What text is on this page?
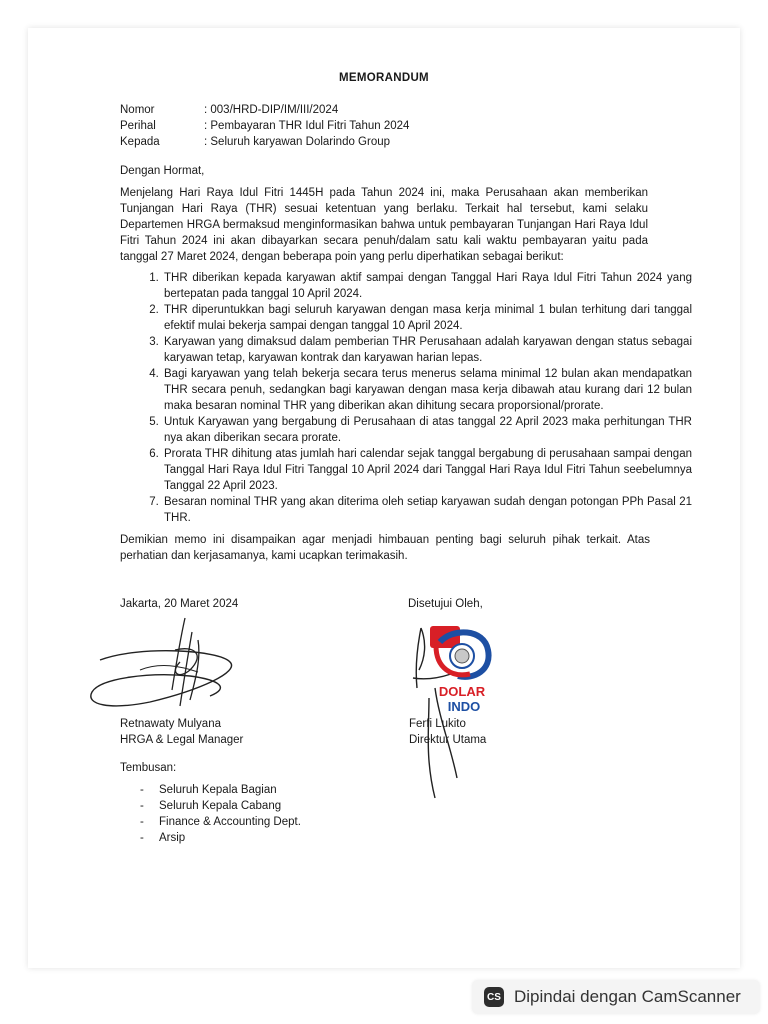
MEMORANDUM
Nomor	: 003/HRD-DIP/IM/III/2024
Perihal	: Pembayaran THR Idul Fitri Tahun 2024
Kepada	: Seluruh karyawan Dolarindo Group
Dengan Hormat,
Menjelang Hari Raya Idul Fitri 1445H pada Tahun 2024 ini, maka Perusahaan akan memberikan Tunjangan Hari Raya (THR) sesuai ketentuan yang berlaku. Terkait hal tersebut, kami selaku Departemen HRGA bermaksud menginformasikan bahwa untuk pembayaran Tunjangan Hari Raya Idul Fitri Tahun 2024 ini akan dibayarkan secara penuh/dalam satu kali waktu pembayaran yaitu pada tanggal 27 Maret 2024, dengan beberapa poin yang perlu diperhatikan sebagai berikut:
1. THR diberikan kepada karyawan aktif sampai dengan Tanggal Hari Raya Idul Fitri Tahun 2024 yang bertepatan pada tanggal 10 April 2024.
2. THR diperuntukkan bagi seluruh karyawan dengan masa kerja minimal 1 bulan terhitung dari tanggal efektif mulai bekerja sampai dengan tanggal 10 April 2024.
3. Karyawan yang dimaksud dalam pemberian THR Perusahaan adalah karyawan dengan status sebagai karyawan tetap, karyawan kontrak dan karyawan harian lepas.
4. Bagi karyawan yang telah bekerja secara terus menerus selama minimal 12 bulan akan mendapatkan THR secara penuh, sedangkan bagi karyawan dengan masa kerja dibawah atau kurang dari 12 bulan maka besaran nominal THR yang diberikan akan dihitung secara proporsional/prorate.
5. Untuk Karyawan yang bergabung di Perusahaan di atas tanggal 22 April 2023 maka perhitungan THR nya akan diberikan secara prorate.
6. Prorata THR dihitung atas jumlah hari calendar sejak tanggal bergabung di perusahaan sampai dengan Tanggal Hari Raya Idul Fitri Tanggal 10 April 2024 dari Tanggal Hari Raya Idul Fitri Tahun seebelumnya Tanggal 22 April 2023.
7. Besaran nominal THR yang akan diterima oleh setiap karyawan sudah dengan potongan PPh Pasal 21 THR.
Demikian memo ini disampaikan agar menjadi himbauan penting bagi seluruh pihak terkait. Atas perhatian dan kerjasamanya, kami ucapkan terimakasih.
Jakarta, 20 Maret 2024	Disetujui Oleh,
DOLAR
INDO
Retnawaty Mulyana
HRGA & Legal Manager
Ferfi Lukito
Direktur Utama
Tembusan:
- Seluruh Kepala Bagian
- Seluruh Kepala Cabang
- Finance & Accounting Dept.
- Arsip
CS Dipindai dengan CamScanner
